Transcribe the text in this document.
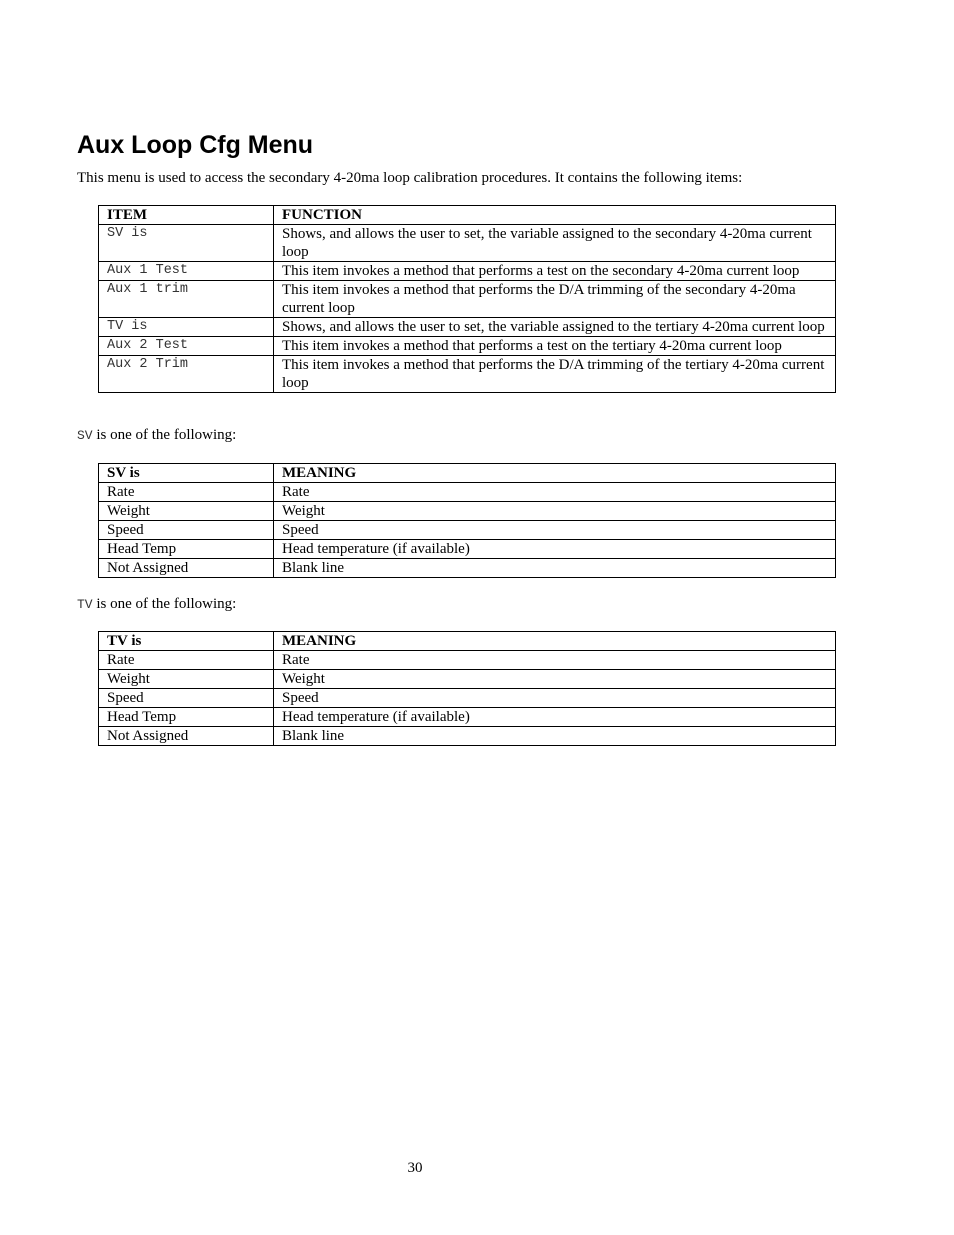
Aux Loop Cfg Menu

This menu is used to access the secondary 4-20ma loop calibration procedures. It contains the following items:

ITEM	FUNCTION
SV is	Shows, and allows the user to set, the variable assigned to the secondary 4-20ma current loop
Aux 1 Test	This item invokes a method that performs a test on the secondary 4-20ma current loop
Aux 1 trim	This item invokes a method that performs the D/A trimming of the secondary 4-20ma current loop
TV is	Shows, and allows the user to set, the variable assigned to the tertiary 4-20ma current loop
Aux 2 Test	This item invokes a method that performs a test on the tertiary 4-20ma current loop
Aux 2 Trim	This item invokes a method that performs the D/A trimming of the tertiary 4-20ma current loop

SV is one of the following:

SV is	MEANING
Rate	Rate
Weight	Weight
Speed	Speed
Head Temp	Head temperature (if available)
Not Assigned	Blank line

TV is one of the following:

TV is	MEANING
Rate	Rate
Weight	Weight
Speed	Speed
Head Temp	Head temperature (if available)
Not Assigned	Blank line
30
